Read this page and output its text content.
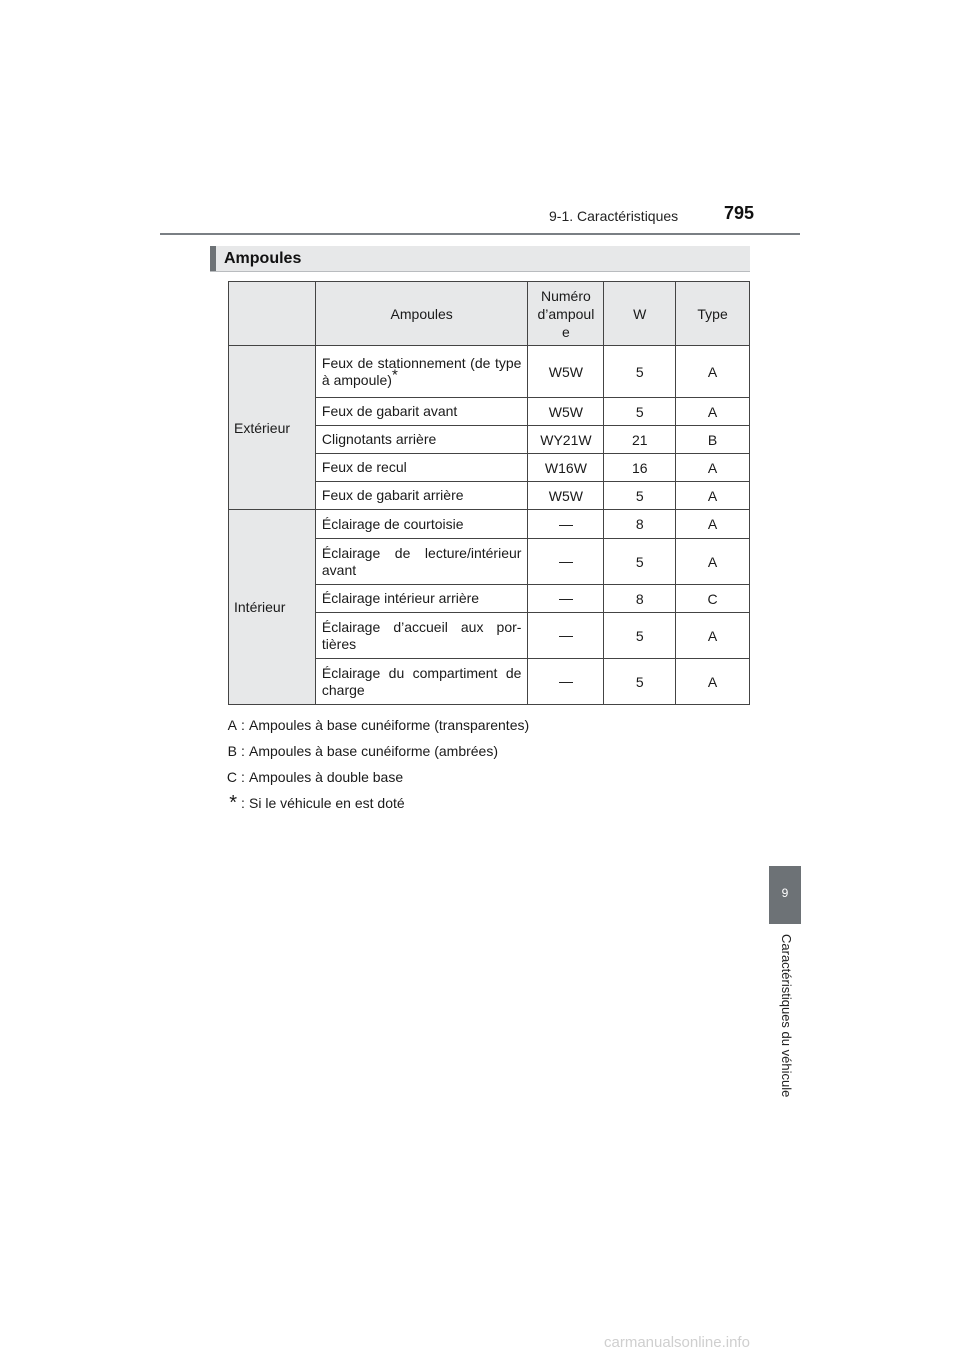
9-1. Caractéristiques	795
9
Caractéristiques du véhicule
Ampoules
	Ampoules	Numéro d’ampoule	W	Type
Extérieur	Feux de stationnement (de type à ampoule)*	W5W	5	A
	Feux de gabarit avant	W5W	5	A
	Clignotants arrière	WY21W	21	B
	Feux de recul	W16W	16	A
	Feux de gabarit arrière	W5W	5	A
Intérieur	Éclairage de courtoisie		8	A
	Éclairage de lecture/intérieur avant		5	A
	Éclairage intérieur arrière		8	C
	Éclairage d’accueil aux por- tières		5	A
	Éclairage du compartiment de charge		5	A
A : Ampoules à base cunéiforme (transparentes)
B : Ampoules à base cunéiforme (ambrées)
C : Ampoules à double base
* : Si le véhicule en est doté
carmanualsonline.info
